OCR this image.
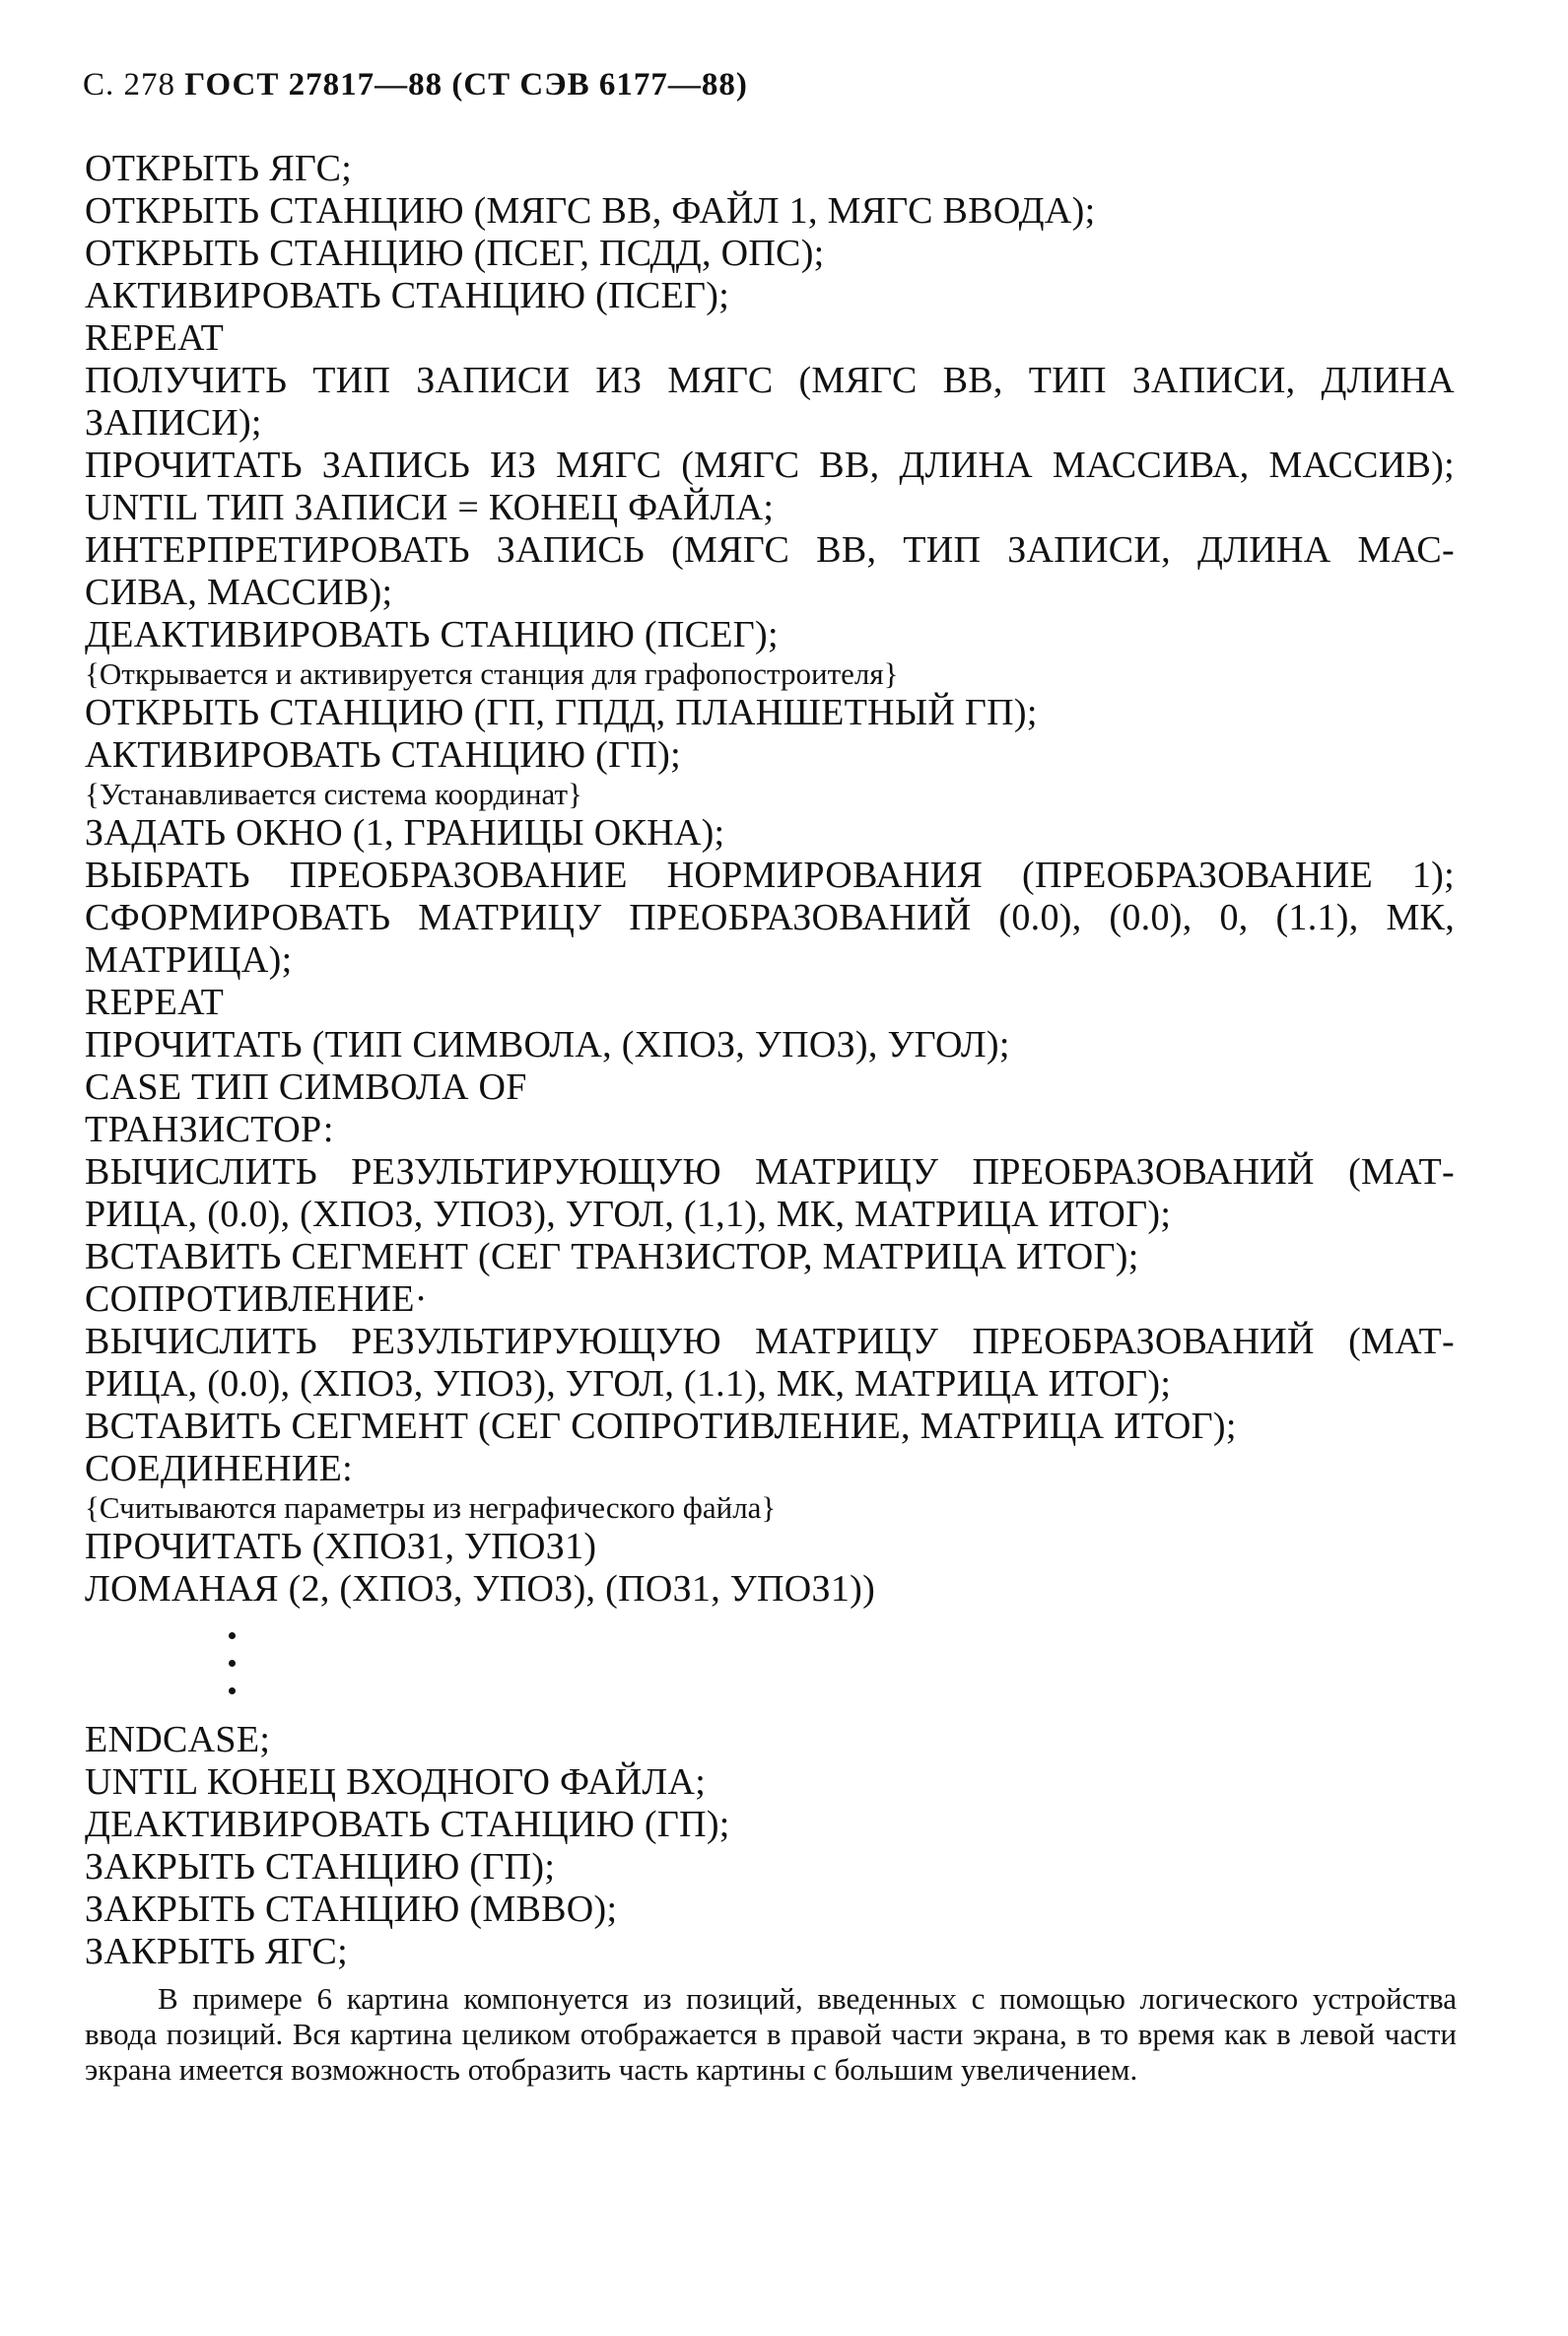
С. 278 ГОСТ 27817—88 (СТ СЭВ 6177—88)
ОТКРЫТЬ ЯГС;
ОТКРЫТЬ СТАНЦИЮ (МЯГС ВВ, ФАЙЛ 1, МЯГС ВВОДА);
ОТКРЫТЬ СТАНЦИЮ (ПСЕГ, ПСДД, ОПС);
АКТИВИРОВАТЬ СТАНЦИЮ (ПСЕГ);
REPEAT
ПОЛУЧИТЬ ТИП ЗАПИСИ ИЗ МЯГС (МЯГС ВВ, ТИП ЗАПИСИ, ДЛИНА
ЗАПИСИ);
ПРОЧИТАТЬ ЗАПИСЬ ИЗ МЯГС (МЯГС ВВ, ДЛИНА МАССИВА, МАССИВ);
UNTIL ТИП ЗАПИСИ = КОНЕЦ ФАЙЛА;
ИНТЕРПРЕТИРОВАТЬ ЗАПИСЬ (МЯГС ВВ, ТИП ЗАПИСИ, ДЛИНА МАС-
СИВА, МАССИВ);
ДЕАКТИВИРОВАТЬ СТАНЦИЮ (ПСЕГ);
{Открывается и активируется станция для графопостроителя}
ОТКРЫТЬ СТАНЦИЮ (ГП, ГПДД, ПЛАНШЕТНЫЙ ГП);
АКТИВИРОВАТЬ СТАНЦИЮ (ГП);
{Устанавливается система координат}
ЗАДАТЬ ОКНО (1, ГРАНИЦЫ ОКНА);
ВЫБРАТЬ ПРЕОБРАЗОВАНИЕ НОРМИРОВАНИЯ (ПРЕОБРАЗОВАНИЕ 1);
СФОРМИРОВАТЬ МАТРИЦУ ПРЕОБРАЗОВАНИЙ (0.0), (0.0), 0, (1.1), МК,
МАТРИЦА);
REPEAT
ПРОЧИТАТЬ (ТИП СИМВОЛА, (ХПОЗ, УПОЗ), УГОЛ);
CASE ТИП СИМВОЛА OF
ТРАНЗИСТОР:
ВЫЧИСЛИТЬ РЕЗУЛЬТИРУЮЩУЮ МАТРИЦУ ПРЕОБРАЗОВАНИЙ (МАТ-
РИЦА, (0.0), (ХПОЗ, УПОЗ), УГОЛ, (1,1), МК, МАТРИЦА ИТОГ);
ВСТАВИТЬ СЕГМЕНТ (СЕГ ТРАНЗИСТОР, МАТРИЦА ИТОГ);
СОПРОТИВЛЕНИЕ·
ВЫЧИСЛИТЬ РЕЗУЛЬТИРУЮЩУЮ МАТРИЦУ ПРЕОБРАЗОВАНИЙ (МАТ-
РИЦА, (0.0), (ХПОЗ, УПОЗ), УГОЛ, (1.1), МК, МАТРИЦА ИТОГ);
ВСТАВИТЬ СЕГМЕНТ (СЕГ СОПРОТИВЛЕНИЕ, МАТРИЦА ИТОГ);
СОЕДИНЕНИЕ:
{Считываются параметры из неграфического файла}
ПРОЧИТАТЬ (ХПОЗ1, УПОЗ1)
ЛОМАНАЯ (2, (ХПОЗ, УПОЗ), (ПОЗ1, УПОЗ1))
ENDCASE;
UNTIL КОНЕЦ ВХОДНОГО ФАЙЛА;
ДЕАКТИВИРОВАТЬ СТАНЦИЮ (ГП);
ЗАКРЫТЬ СТАНЦИЮ (ГП);
ЗАКРЫТЬ СТАНЦИЮ (МВВО);
ЗАКРЫТЬ ЯГС;
В примере 6 картина компонуется из позиций, введенных с помощью логического устройства ввода позиций. Вся картина целиком отображается в правой части экрана, в то время как в левой части экрана имеется возможность отобразить часть картины с большим увеличением.
